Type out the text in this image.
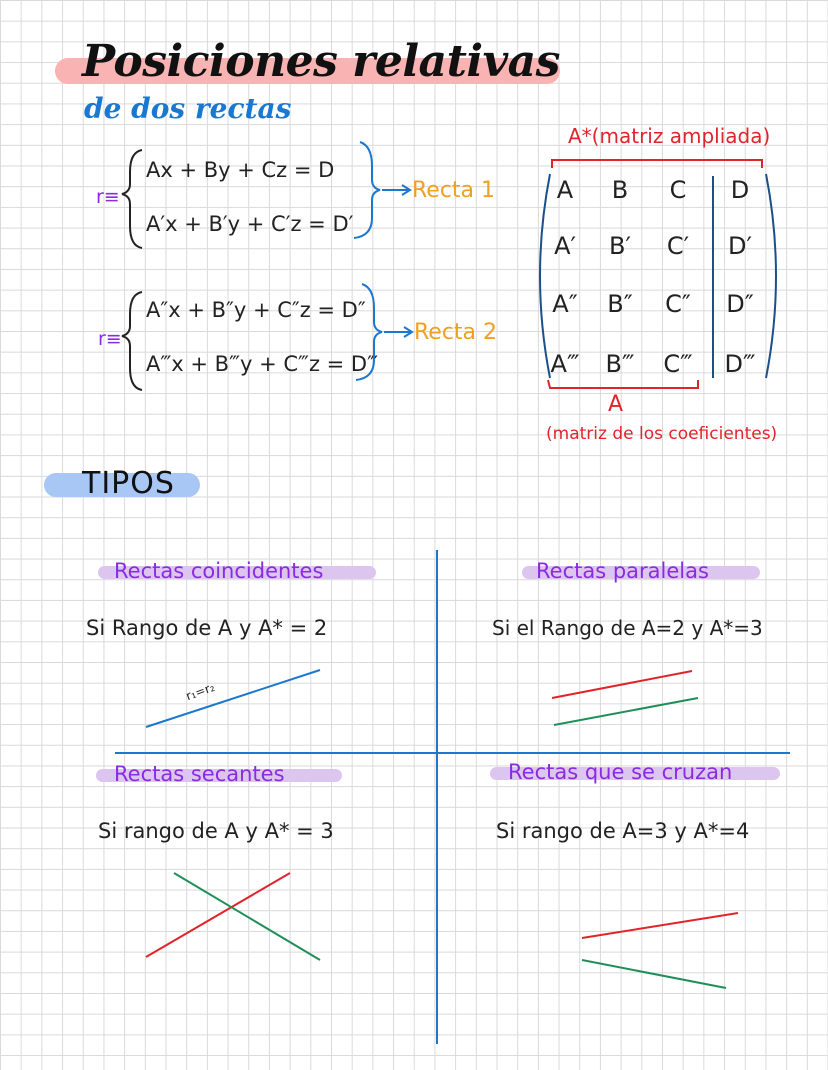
Posiciones relativas
de dos rectas
r≡
Ax + By + Cz = D
A′x + B′y + C′z = D′
Recta 1
r≡
A″x + B″y + C″z = D″
A‴x + B‴y + C‴z = D‴
Recta 2
A*(matriz ampliada)
A
(matriz de los coeficientes)
A	B	C	D
A′	B′	C′	D′
A″	B″	C″	D″
A‴	B‴	C‴	D‴
TIPOS
Rectas coincidentes
Si Rango de A y A* = 2
Rectas paralelas
Si el Rango de A=2 y A*=3
Rectas secantes
Si rango de A y A* = 3
Rectas que se cruzan
Si rango de A=3 y A*=4
r₁=r₂
